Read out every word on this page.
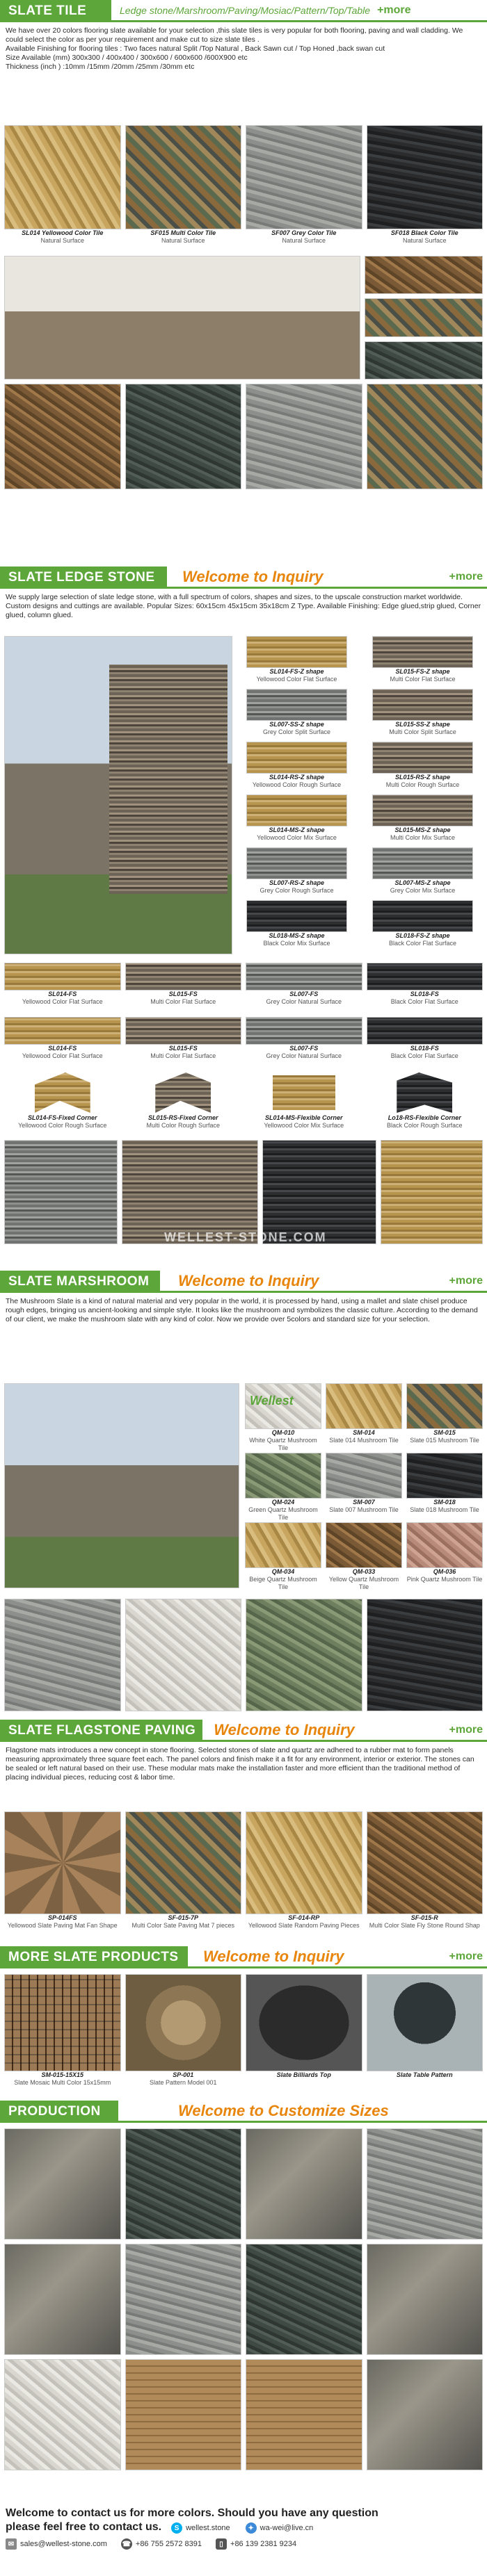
SLATE TILE	Ledge stone/Marshroom/Paving/Mosiac/Pattern/Top/Table +more
We have over 20 colors flooring slate available for your selection ,this slate tiles is very popular for both flooring, paving and wall cladding. We could select the color as per your requirement and make cut to size slate tiles .
Available Finishing for flooring tiles : Two faces natural Split /Top Natural , Back Sawn cut / Top Honed ,back swan cut
Size Available (mm) 300x300 / 400x400 / 300x600 / 600x600 /600X900 etc
Thickness (inch ) :10mm /15mm /20mm /25mm /30mm etc
SL014 Yellowood Color Tile
Natural Surface
SF015 Multi Color Tile
Natural Surface
SF007 Grey Color Tile
Natural Surface
SF018 Black Color Tile
Natural Surface
SLATE LEDGE STONE	Welcome to Inquiry	+more
We supply large selection of slate ledge stone, with a full spectrum of colors, shapes and sizes, to the upscale construction market worldwide. Custom designs and cuttings are available. Popular Sizes: 60x15cm 45x15cm 35x18cm Z Type. Available Finishing: Edge glued,strip glued, Corner glued, column glued.
SL014-FS-Z shape
Yellowood Color Flat Surface
SL015-FS-Z shape
Multi Color Flat Surface
SL007-SS-Z shape
Grey Color Split Surface
SL015-SS-Z shape
Multi Color Split Surface
SL014-RS-Z shape
Yellowood Color Rough Surface
SL015-RS-Z shape
Multi Color Rough Surface
SL014-MS-Z shape
Yellowood Color Mix Surface
SL015-MS-Z shape
Multi Color Mix Surface
SL007-RS-Z shape
Grey Color Rough Surface
SL007-MS-Z shape
Grey Color Mix Surface
SL018-MS-Z shape
Black Color Mix Surface
SL018-FS-Z shape
Black Color Flat Surface
SL014-FS
Yellowood Color Flat Surface
SL015-FS
Multi Color Flat Surface
SL007-FS
Grey Color Natural Surface
SL018-FS
Black Color Flat Surface
SL014-FS
Yellowood Color Flat Surface
SL015-FS
Multi Color Flat Surface
SL007-FS
Grey Color Natural Surface
SL018-FS
Black Color Flat Surface
SL014-FS-Fixed Corner
Yellowood Color Rough Surface
SL015-RS-Fixed Corner
Multi Color Rough Surface
SL014-MS-Flexible Corner
Yellowood Color Mix Surface
Lo18-RS-Flexible Corner
Black Color Rough Surface
WELLEST-STONE.COM
SLATE MARSHROOM	Welcome to Inquiry	+more
The Mushroom Slate is a kind of natural material and very popular in the world, it is processed by hand, using a mallet and slate chisel produce rough edges, bringing us ancient-looking and simple style. It looks like the mushroom and symbolizes the classic culture. According to the demand of our client, we make the mushroom slate with any kind of color. Now we provide over 5colors and standard size for your selection.
Wellest
QM-010
White Quartz Mushroom Tile
SM-014
Slate 014 Mushroom Tile
SM-015
Slate 015 Mushroom Tile
QM-024
Green Quartz Mushroom Tile
SM-007
Slate 007 Mushroom Tile
SM-018
Slate 018 Mushroom Tile
QM-034
Beige Quartz Mushroom Tile
QM-033
Yellow Quartz Mushroom Tile
QM-036
Pink Quartz Mushroom Tile
SLATE FLAGSTONE PAVING	Welcome to Inquiry	+more
Flagstone mats introduces a new concept in stone flooring. Selected stones of slate and quartz are adhered to a rubber mat to form panels measuring approximately three square feet each. The panel colors and finish make it a fit for any environment, interior or exterior. The stones can be sealed or left natural based on their use. These modular mats make the installation faster and more efficient than the traditional method of placing individual pieces, reducing cost & labor time.
SP-014FS
Yellowood Slate Paving Mat Fan Shape
SF-015-7P
Multi Color Sate Paving Mat 7 pieces
SF-014-RP
Yellowood Slate Random Paving Pieces
SF-015-R
Multi Color Slate Fly Stone Round Shap
MORE SLATE PRODUCTS	Welcome to Inquiry	+more
SM-015-15X15
Slate Mosaic Multi Color 15x15mm
SP-001
Slate Pattern Model 001
Slate Billiards Top	Slate Table Pattern
PRODUCTION	Welcome to Customize Sizes
Welcome to contact us for more colors. Should you have any question
please feel free to contact us.	S wellest.stone	✦ wa-wei@live.cn
✉ sales@wellest-stone.com ☎ +86 755 2572 8391	▯ +86 139 2381 9234
